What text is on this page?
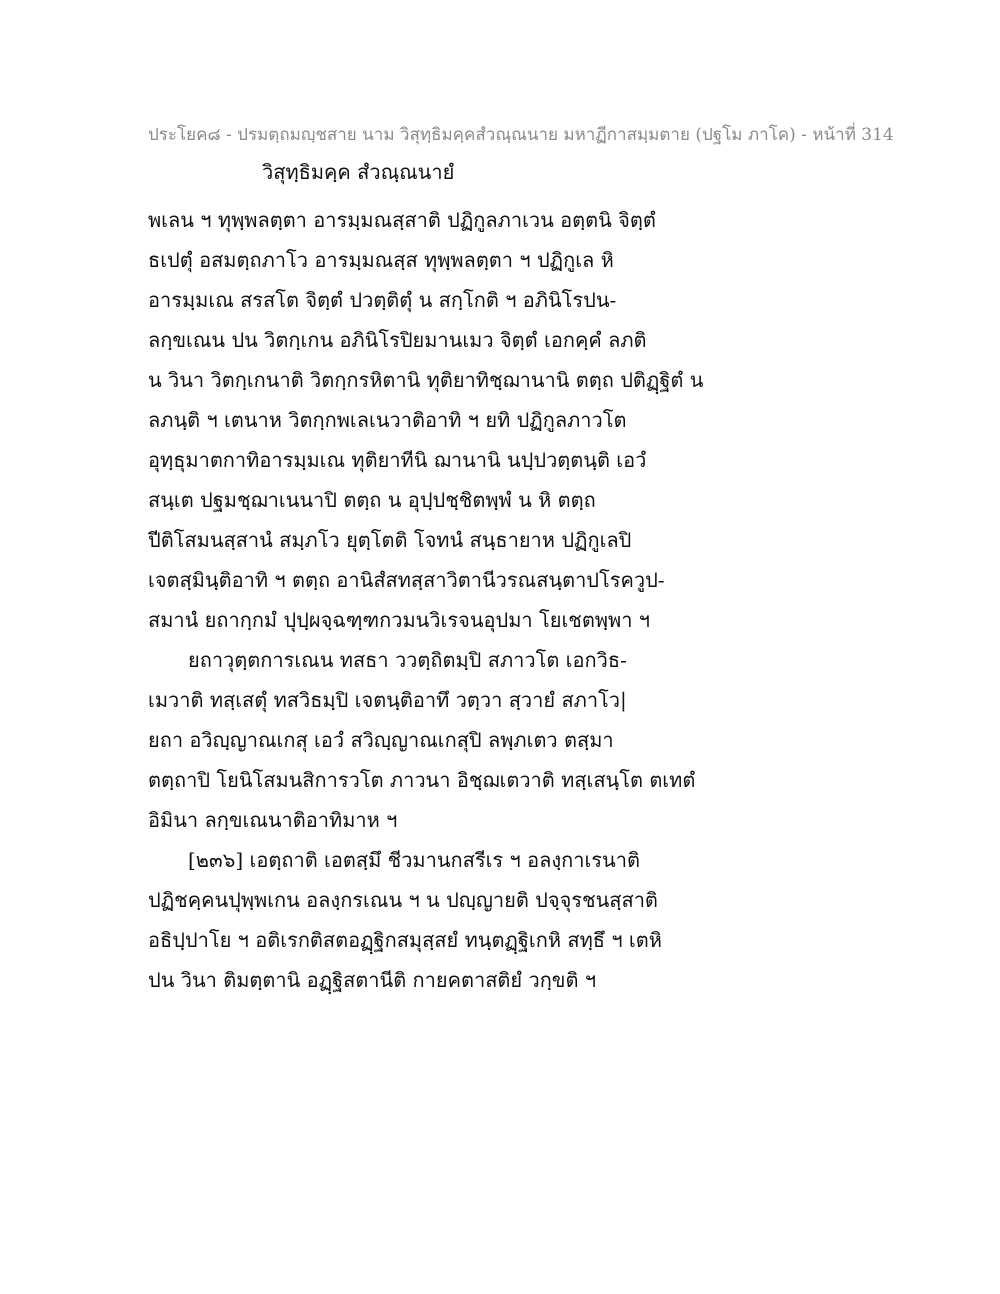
ประโยค๘ - ปรมตฺถมญฺชสาย นาม วิสุทฺธิมคฺคสํวณฺณนาย มหาฏีกาสมฺมตาย (ปฐโม ภาโค) - หน้าที่ 314
วิสุทฺธิมคฺค สํวณฺณนายํ
พเลน ฯ ทุพฺพลตฺตา อารมฺมณสฺสาติ ปฏิกูลภาเวน อตฺตนิ จิตฺตํ
ธเปตุํ อสมตฺถภาโว อารมฺมณสฺส ทุพฺพลตฺตา ฯ ปฏิกูเล หิ
อารมฺมเณ สรสโต จิตฺตํ ปวตฺติตุํ น สกฺโกติ ฯ อภินิโรปน-
ลกฺขเณน ปน วิตกฺเกน อภินิโรปิยมานเมว จิตฺตํ เอกคฺคํ ลภติ
น วินา วิตกฺเกนาติ วิตกฺกรหิตานิ ทุติยาทิชฺฌานานิ ตตฺถ ปติฏฺฐิตํ น
ลภนฺติ ฯ เตนาห วิตกฺกพเลเนวาติอาทิ ฯ ยทิ ปฏิกูลภาวโต
อุทฺธุมาตกาทิอารมฺมเณ ทุติยาทีนิ ฌานานิ นปฺปวตฺตนฺติ เอวํ
สนฺเต ปฐมชฺฌาเนนาปิ ตตฺถ น อุปฺปชฺชิตพฺพํ น หิ ตตฺถ
ปีติโสมนสฺสานํ สมฺภโว ยุตฺโตติ โจทนํ สนฺธายาห ปฏิกูเลปิ
เจตสฺมินฺติอาทิ ฯ ตตฺถ อานิสํสทสฺสาวิตานีวรณสนฺตาปโรควูป-
สมานํ ยถากฺกมํ ปุปฺผจฺฉฑฺฑกวมนวิเรจนอุปมา โยเชตพฺพา ฯ
ยถาวุตฺตการเณน ทสธา ววตฺถิตมฺปิ สภาวโต เอกวิธ-
เมวาติ ทสฺเสตุํ ทสวิธมฺปิ เจตนฺติอาทึ วตฺวา สฺวายํ สภาโว|
ยถา อวิญฺญาณเกสุ เอวํ สวิญฺญาณเกสุปิ ลพฺภเตว ตสฺมา
ตตฺถาปิ โยนิโสมนสิการวโต ภาวนา อิชฺฌเตวาติ ทสฺเสนฺโต ตเทตํ
อิมินา ลกฺขเณนาติอาทิมาห ฯ
[๒๓๖] เอตฺถาติ เอตสฺมึ ชีวมานกสรีเร ฯ อลงฺกาเรนาติ
ปฏิชคฺคนปุพฺพเกน อลงฺกรเณน ฯ น ปญฺญายติ ปจฺจุรชนสฺสาติ
อธิปฺปาโย ฯ อติเรกติสตอฏฺฐิกสมุสฺสยํ ทนฺตฏฺฐิเกหิ สทฺธึ ฯ เตหิ
ปน วินา ติมตฺตานิ อฏฺฐิสตานีติ กายคตาสติยํ วกฺขติ ฯ
